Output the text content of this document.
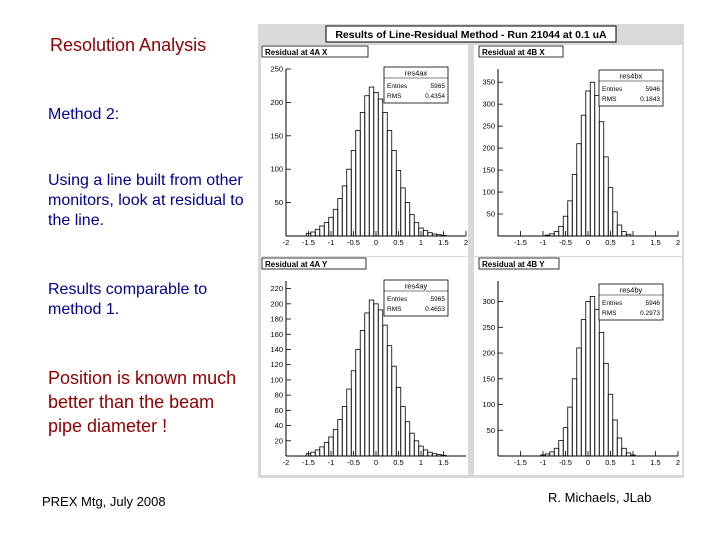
Resolution Analysis
Method 2:
Using a line built from other monitors, look at residual to the line.
Results comparable to method 1.
Position is known much better than the beam pipe diameter !
PREX Mtg, July 2008	R. Michaels, JLab
Results of Line-Residual Method - Run 21044 at 0.1 uA
Residual at 4A X
-2 -1.5 -1 -0.5 0 0.5 1 1.5 2
50
100
150
200
250	res4ax
Entries	5965
RMS	0.4354
Residual at 4B X
-1.5 -1 -0.5 0 0.5 1 1.5 2
50
100
150
200
250
300
350
res4bx
Entries	5946
RMS	0.1843
Residual at 4A Y
-2 -1.5 -1 -0.5 0 0.5 1 1.5
20
40
60
80
100
120
140
160
180
200
220	res4ay
Entries	5965
RMS	0.4653
Residual at 4B Y
-1.5 -1 -0.5 0 0.5 1 1.5 2
50
100
150
200
250
300
res4by
Entries	5946
RMS	0.2973
